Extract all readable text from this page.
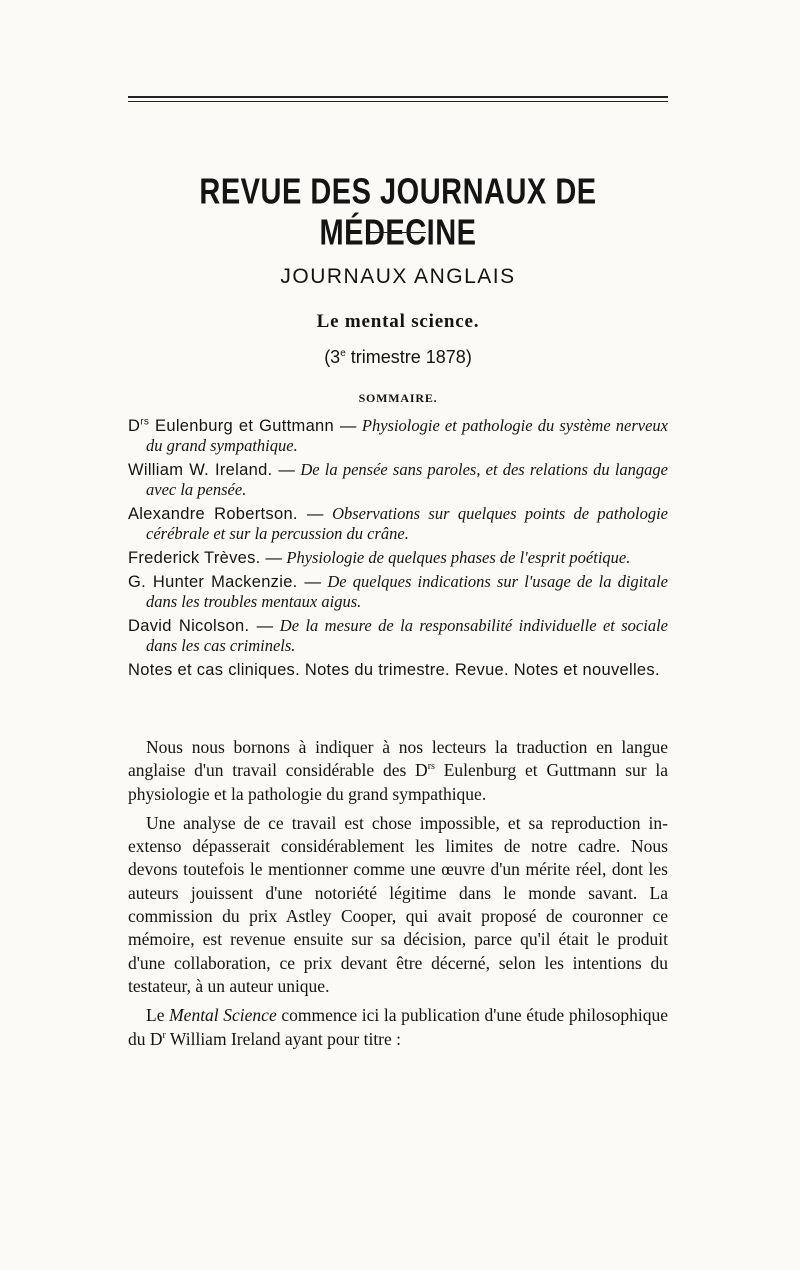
REVUE DES JOURNAUX DE MÉDECINE
JOURNAUX ANGLAIS
Le mental science.
(3e trimestre 1878)
SOMMAIRE.
$D^{rs}$ Eulenburg et Guttmann — Physiologie et pathologie du système nerveux du grand sympathique.
William W. Ireland. — De la pensée sans paroles, et des relations du langage avec la pensée.
Alexandre Robertson. — Observations sur quelques points de pathologie cérébrale et sur la percussion du crâne.
Frederick Trèves. — Physiologie de quelques phases de l'esprit poétique.
G. Hunter Mackenzie. — De quelques indications sur l'usage de la digitale dans les troubles mentaux aigus.
David Nicolson. — De la mesure de la responsabilité individuelle et sociale dans les cas criminels.
Notes et cas cliniques. Notes du trimestre. Revue. Notes et nouvelles.

Nous nous bornons à indiquer à nos lecteurs la traduction en langue anglaise d'un travail considérable des $D^{rs}$ Eulenburg et Guttmann sur la physiologie et la pathologie du grand sympathique.

Une analyse de ce travail est chose impossible, et sa reproduction in-extenso dépasserait considérablement les limites de notre cadre. Nous devons toutefois le mentionner comme une œuvre d'un mérite réel, dont les auteurs jouissent d'une notoriété légitime dans le monde savant. La commission du prix Astley Cooper, qui avait proposé de couronner ce mémoire, est revenue ensuite sur sa décision, parce qu'il était le produit d'une collaboration, ce prix devant être décerné, selon les intentions du testateur, à un auteur unique.

Le Mental Science commence ici la publication d'une étude philosophique du $D^r$ William Ireland ayant pour titre :
